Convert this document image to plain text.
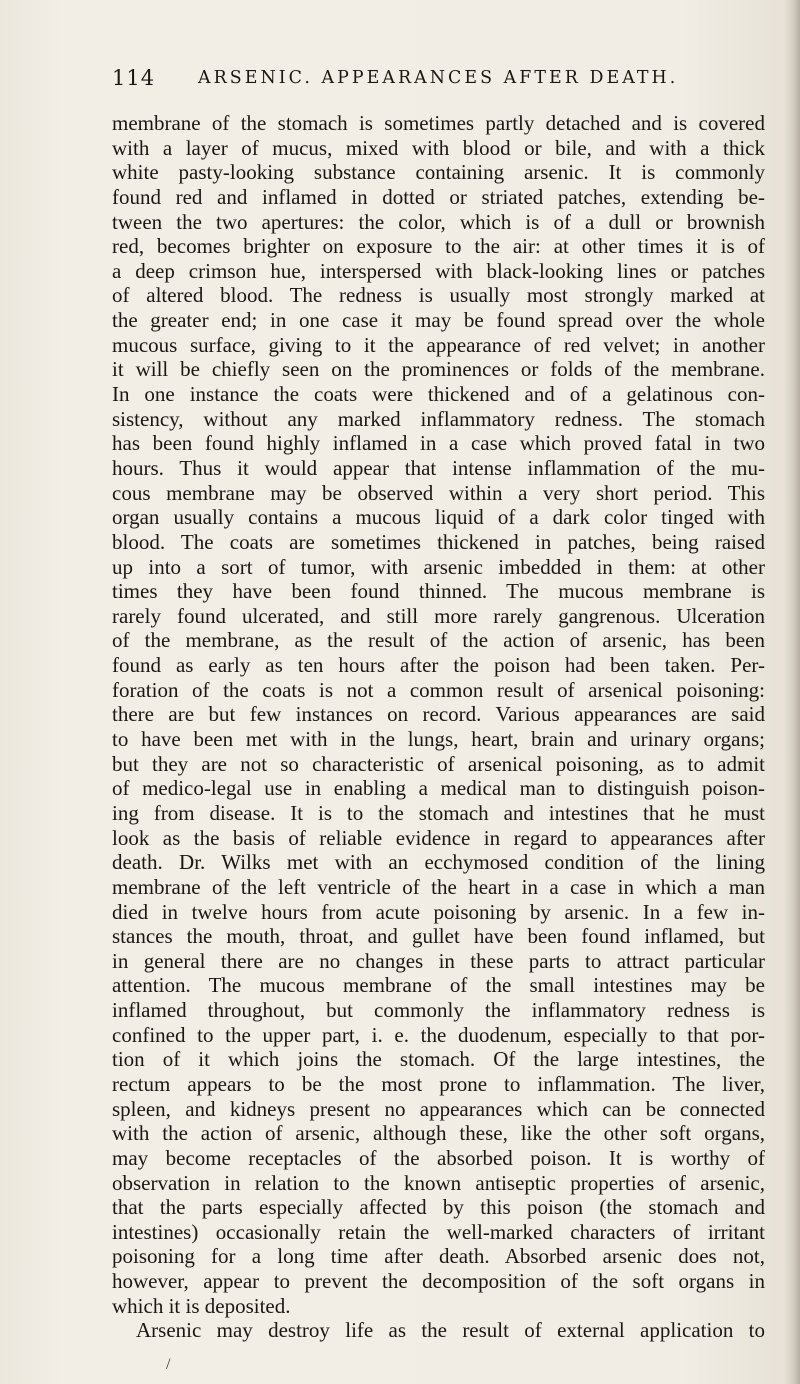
114 ARSENIC. APPEARANCES AFTER DEATH.
membrane of the stomach is sometimes partly detached and is covered
with a layer of mucus, mixed with blood or bile, and with a thick
white pasty-looking substance containing arsenic. It is commonly
found red and inflamed in dotted or striated patches, extending be-
tween the two apertures: the color, which is of a dull or brownish
red, becomes brighter on exposure to the air: at other times it is of
a deep crimson hue, interspersed with black-looking lines or patches
of altered blood. The redness is usually most strongly marked at
the greater end; in one case it may be found spread over the whole
mucous surface, giving to it the appearance of red velvet; in another
it will be chiefly seen on the prominences or folds of the membrane.
In one instance the coats were thickened and of a gelatinous con-
sistency, without any marked inflammatory redness. The stomach
has been found highly inflamed in a case which proved fatal in two
hours. Thus it would appear that intense inflammation of the mu-
cous membrane may be observed within a very short period. This
organ usually contains a mucous liquid of a dark color tinged with
blood. The coats are sometimes thickened in patches, being raised
up into a sort of tumor, with arsenic imbedded in them: at other
times they have been found thinned. The mucous membrane is
rarely found ulcerated, and still more rarely gangrenous. Ulceration
of the membrane, as the result of the action of arsenic, has been
found as early as ten hours after the poison had been taken. Per-
foration of the coats is not a common result of arsenical poisoning:
there are but few instances on record. Various appearances are said
to have been met with in the lungs, heart, brain and urinary organs;
but they are not so characteristic of arsenical poisoning, as to admit
of medico-legal use in enabling a medical man to distinguish poison-
ing from disease. It is to the stomach and intestines that he must
look as the basis of reliable evidence in regard to appearances after
death. Dr. Wilks met with an ecchymosed condition of the lining
membrane of the left ventricle of the heart in a case in which a man
died in twelve hours from acute poisoning by arsenic. In a few in-
stances the mouth, throat, and gullet have been found inflamed, but
in general there are no changes in these parts to attract particular
attention. The mucous membrane of the small intestines may be
inflamed throughout, but commonly the inflammatory redness is
confined to the upper part, i. e. the duodenum, especially to that por-
tion of it which joins the stomach. Of the large intestines, the
rectum appears to be the most prone to inflammation. The liver,
spleen, and kidneys present no appearances which can be connected
with the action of arsenic, although these, like the other soft organs,
may become receptacles of the absorbed poison. It is worthy of
observation in relation to the known antiseptic properties of arsenic,
that the parts especially affected by this poison (the stomach and
intestines) occasionally retain the well-marked characters of irritant
poisoning for a long time after death. Absorbed arsenic does not,
however, appear to prevent the decomposition of the soft organs in
which it is deposited.
Arsenic may destroy life as the result of external application to
/
